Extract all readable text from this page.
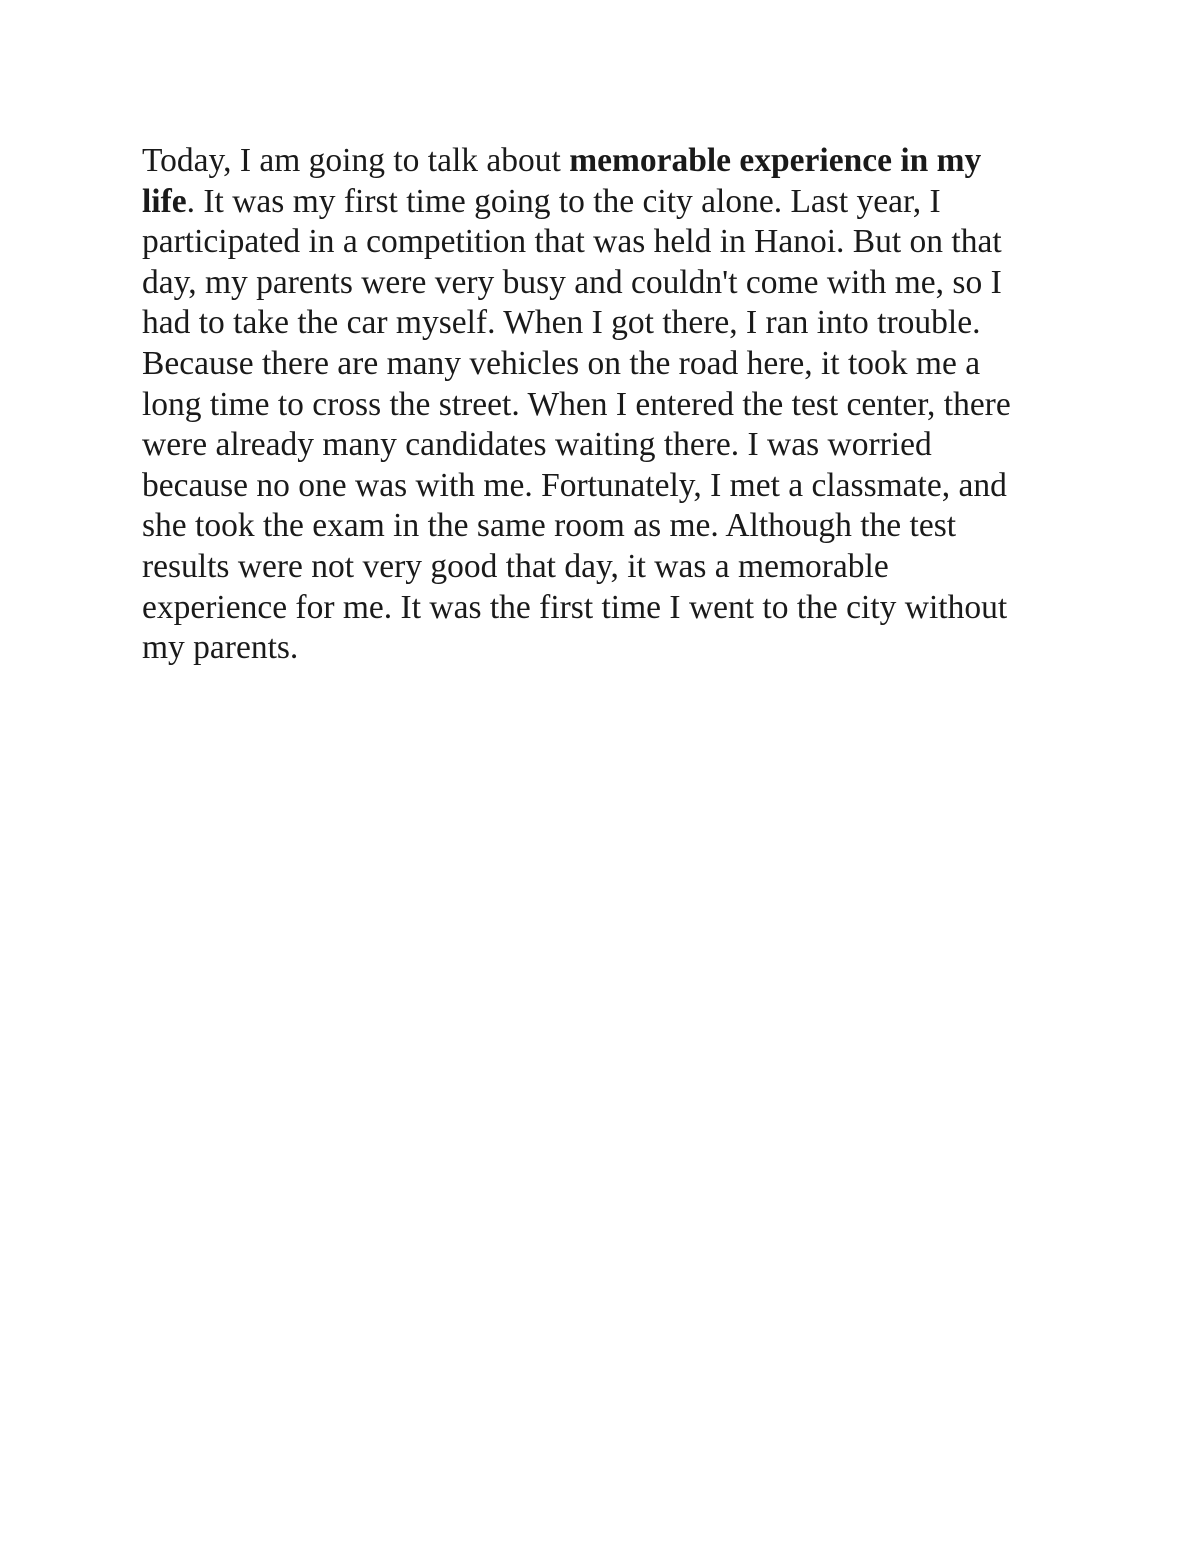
Today, I am going to talk about memorable experience in my
life. It was my first time going to the city alone. Last year, I
participated in a competition that was held in Hanoi. But on that
day, my parents were very busy and couldn't come with me, so I
had to take the car myself. When I got there, I ran into trouble.
Because there are many vehicles on the road here, it took me a
long time to cross the street. When I entered the test center, there
were already many candidates waiting there. I was worried
because no one was with me. Fortunately, I met a classmate, and
she took the exam in the same room as me. Although the test
results were not very good that day, it was a memorable
experience for me. It was the first time I went to the city without
my parents.
